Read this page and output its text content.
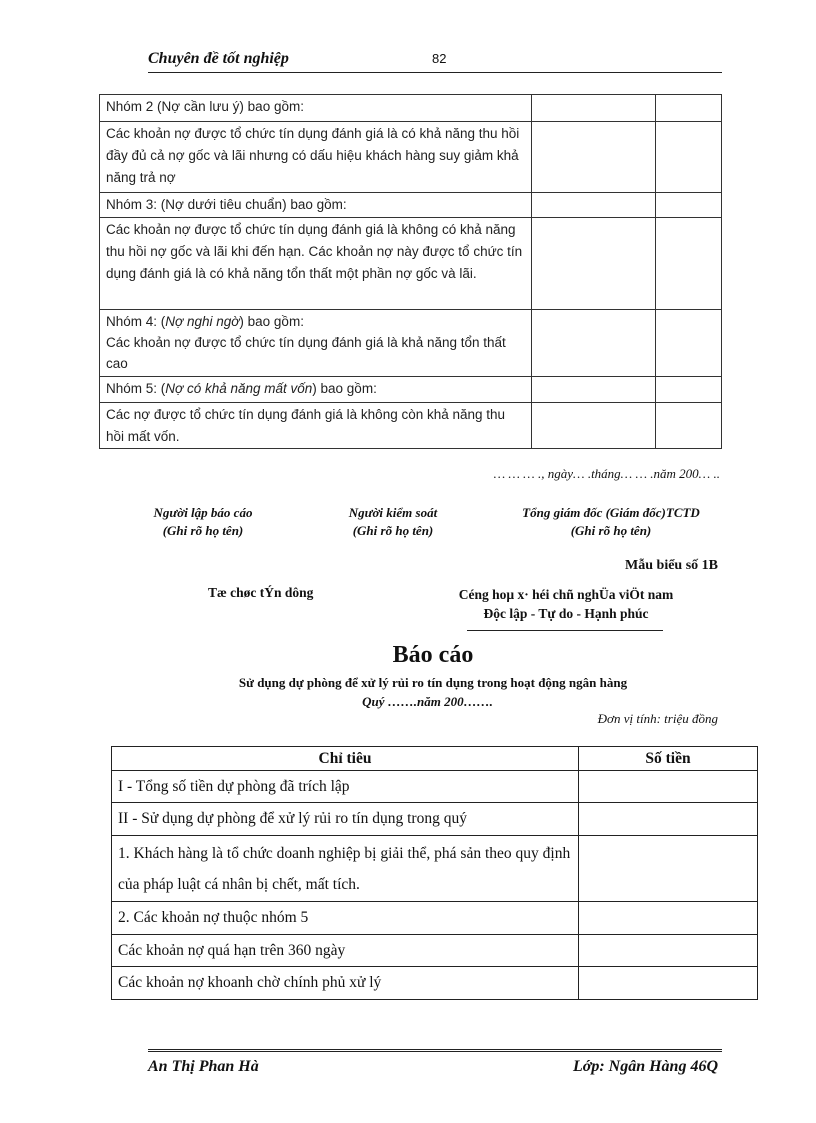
Chuyên đề tốt nghiệp	82
Nhóm 2 (Nợ cần lưu ý) bao gồm:		
Các khoản nợ được tổ chức tín dụng đánh giá là có khả năng thu hồi đầy đủ cả nợ gốc và lãi nhưng có dấu hiệu khách hàng suy giảm khả năng trả nợ		
Nhóm 3: (Nợ dưới tiêu chuẩn) bao gồm:		
Các khoản nợ được tổ chức tín dụng đánh giá là không có khả năng thu hồi nợ gốc và lãi khi đến hạn. Các khoản nợ này được tổ chức tín dụng đánh giá là có khả năng tổn thất một phần nợ gốc và lãi.		
Nhóm 4: (Nợ nghi ngờ) bao gồm:
Các khoản nợ được tổ chức tín dụng đánh giá là khả năng tổn thất cao		
Nhóm 5: (Nợ có khả năng mất vốn) bao gồm:		
Các nợ được tổ chức tín dụng đánh giá là không còn khả năng thu hồi mất vốn.		
… … … ., ngày… .tháng… … .năm 200… ..
Người lập báo cáo
(Ghi rõ họ tên)
Người kiểm soát
(Ghi rõ họ tên)
Tổng giám đốc (Giám đốc)TCTD
(Ghi rõ họ tên)
Mẫu biểu số 1B
Tæ chøc tÝn dông	Céng hoµ x· héi chñ nghÜa viÖt nam
Độc lập - Tự do - Hạnh phúc
Báo cáo
Sử dụng dự phòng để xử lý rủi ro tín dụng trong hoạt động ngân hàng
Quý …….năm 200…….
Đơn vị tính: triệu đồng
Chỉ tiêu	Số tiền
I - Tổng số tiền dự phòng đã trích lập	
II - Sử dụng dự phòng để xử lý rủi ro tín dụng trong quý	
1. Khách hàng là tổ chức doanh nghiệp bị giải thể, phá sản theo quy định của pháp luật cá nhân bị chết, mất tích.	
2. Các khoản nợ thuộc nhóm 5	
Các khoản nợ quá hạn trên 360 ngày	
Các khoản nợ khoanh chờ chính phủ xử lý	
An Thị Phan Hà	Lớp: Ngân Hàng 46Q
